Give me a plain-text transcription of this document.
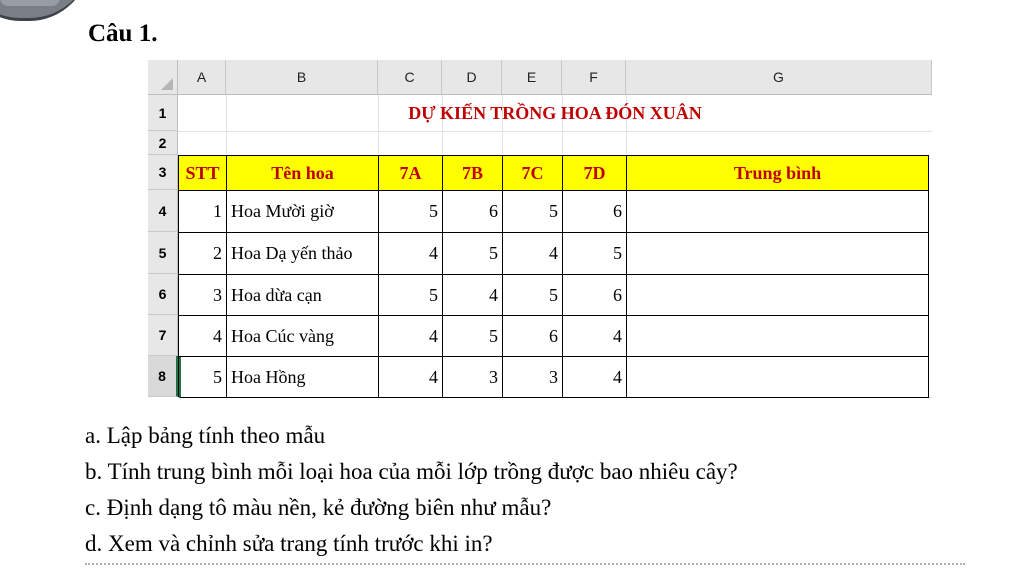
Câu 1.
A	B	C	D	E	F	G
1
2
3
4
5
6
7
8
DỰ KIẾN TRỒNG HOA ĐÓN XUÂN
STT	Tên hoa	7A	7B	7C	7D	Trung bình
1 Hoa Mười giờ	5	6	5	6
2 Hoa Dạ yến thảo	4	5	4	5
3 Hoa dừa cạn	5	4	5	6
4 Hoa Cúc vàng	4	5	6	4
5 Hoa Hồng	4	3	3	4
a. Lập bảng tính theo mẫu
b. Tính trung bình mỗi loại hoa của mỗi lớp trồng được bao nhiêu cây?
c. Định dạng tô màu nền, kẻ đường biên như mẫu?
d. Xem và chỉnh sửa trang tính trước khi in?
